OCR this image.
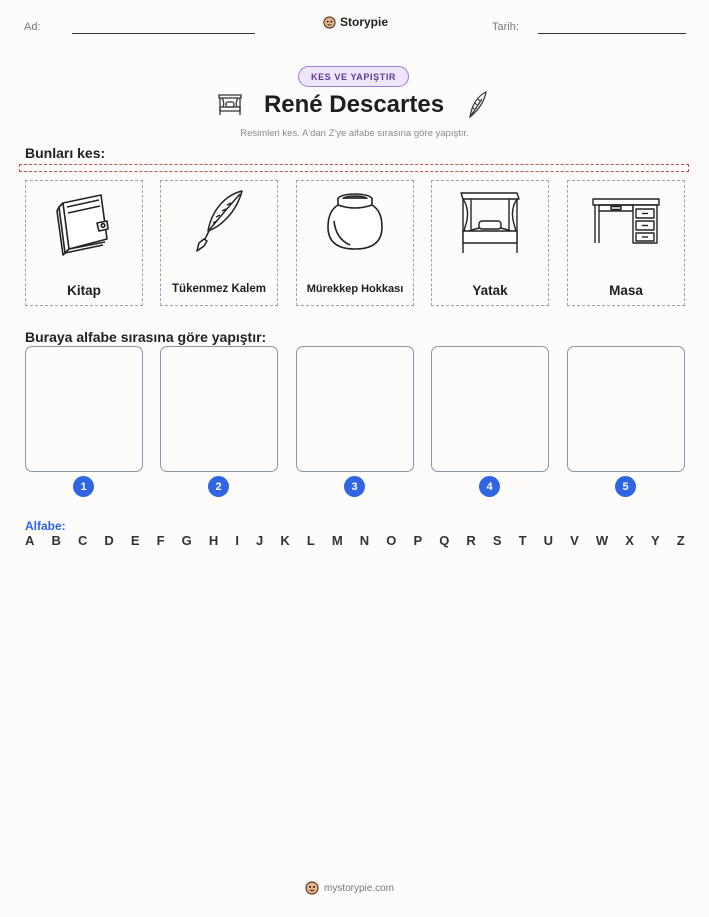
Ad:	Storypie	Tarih:
KES VE YAPIŞTIR
René Descartes
Resimleri kes. A'dan Z'ye alfabe sırasına göre yapıştır.
Bunları kes:
Kitap	Tükenmez Kalem	Mürekkep Hokkası	Yatak	Masa
Buraya alfabe sırasına göre yapıştır:
1	2	3	4	5
Alfabe:
A B C D E F G H I J K L M N O P Q R S T U V W X Y Z
mystorypie.com
